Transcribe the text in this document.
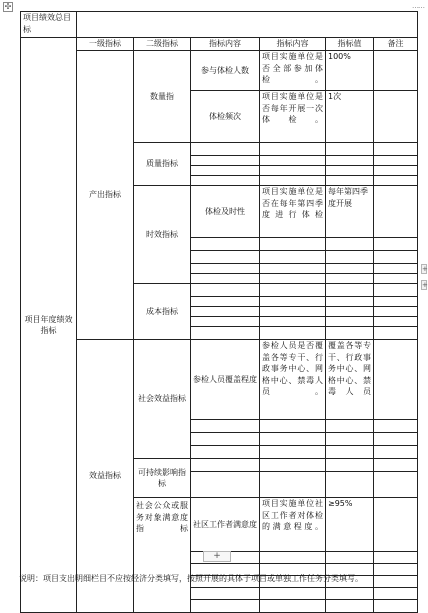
✣	……
+
+
项目绩效总目标						
项目年度绩效指标	一级指标	二级指标	指标内容	指标内容	指标值	备注
	产出指标	数量指	参与体检人数	项目实施单位是否全部参加体检。	100%	
			体检频次	项目实施单位是否每年开展一次体检。	1次	
		质量指标				

		时效指标	体检及时性	项目实施单位是否在每年第四季度进行体检	每年第四季度开展	

		成本指标				

	效益指标	社会效益指标	参检人员覆盖程度	参检人员是否覆盖各等专干、行政事务中心、网格中心、禁毒人员。	覆盖各等专干、行政事务中心、网格中心、禁毒人员	

		可持续影响指标				

		社会公众或服务对象满意度指标	社区工作者满意度	项目实施单位社区工作者对体检的满意程度。	≥95%	

+
说明：项目支出明细栏目不应按经济分类填写，按照开展的具体子项目或单独工作任务分类填写。
